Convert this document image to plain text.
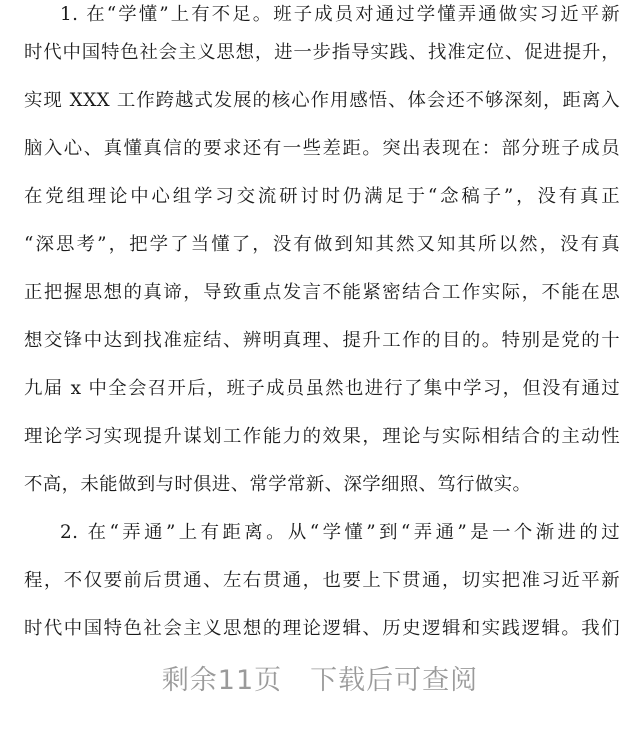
1. 在“学懂”上有不足。班子成员对通过学懂弄通做实习近平新
时代中国特色社会主义思想，进一步指导实践、找准定位、促进提升，
实现 XXX 工作跨越式发展的核心作用感悟、体会还不够深刻，距离入
脑入心、真懂真信的要求还有一些差距。突出表现在：部分班子成员
在党组理论中心组学习交流研讨时仍满足于“念稿子”，没有真正
“深思考”，把学了当懂了，没有做到知其然又知其所以然，没有真
正把握思想的真谛，导致重点发言不能紧密结合工作实际，不能在思
想交锋中达到找准症结、辨明真理、提升工作的目的。特别是党的十
九届 x 中全会召开后，班子成员虽然也进行了集中学习，但没有通过
理论学习实现提升谋划工作能力的效果，理论与实际相结合的主动性
不高，未能做到与时俱进、常学常新、深学细照、笃行做实。
2. 在“弄通”上有距离。从“学懂”到“弄通”是一个渐进的过
程，不仅要前后贯通、左右贯通，也要上下贯通，切实把准习近平新
时代中国特色社会主义思想的理论逻辑、历史逻辑和实践逻辑。我们
剩余11页　下载后可查阅
